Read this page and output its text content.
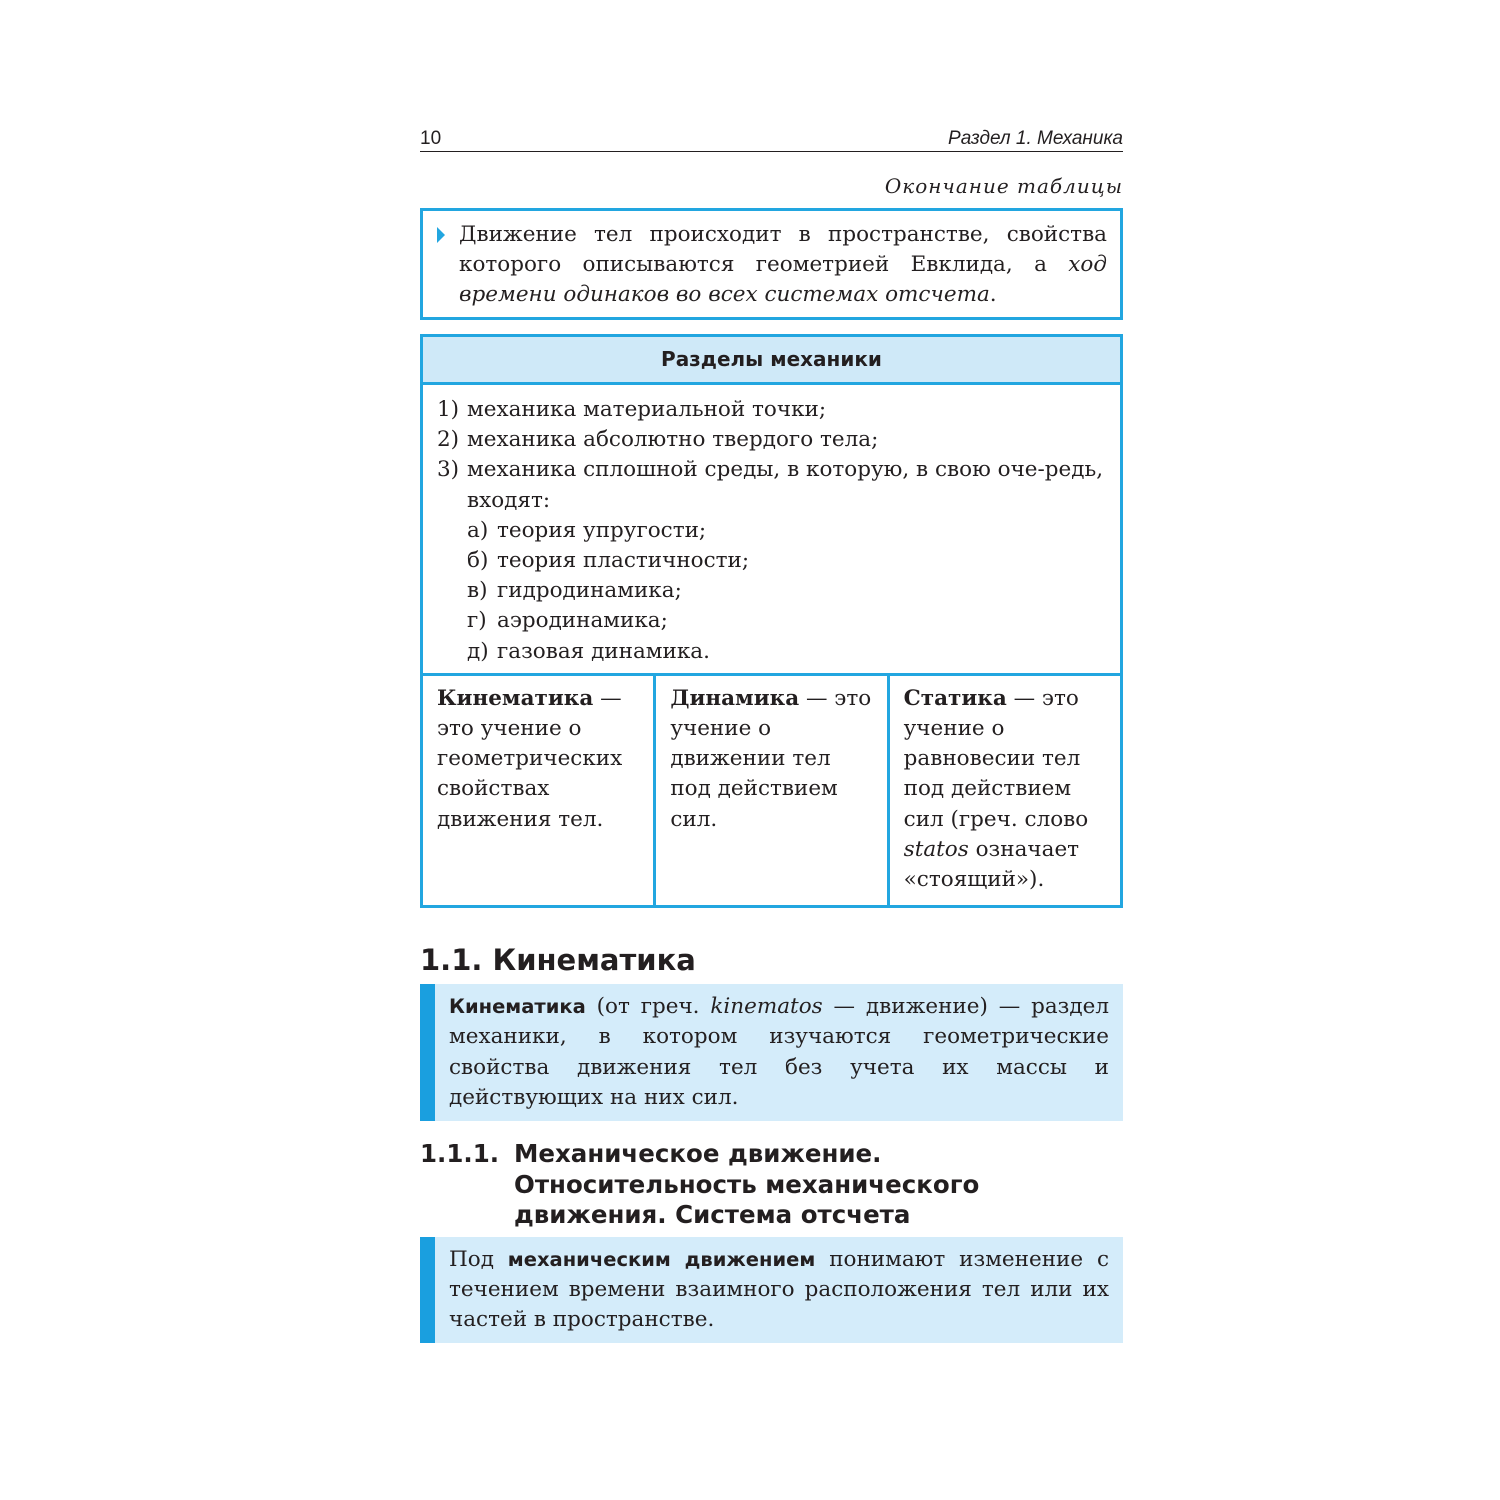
10	Раздел 1. Механика
Окончание таблицы
Движение тел происходит в пространстве, свойства которого описываются геометрией Евклида, а ход времени одинаков во всех системах отсчета.
Разделы механики
1) механика материальной точки;
2) механика абсолютно твердого тела;
3) механика сплошной среды, в которую, в свою оче-редь, входят:
а) теория упругости;
б) теория пластичности;
в) гидродинамика;
г) аэродинамика;
д) газовая динамика.
Кинематика — это учение о геометрических свойствах движения тел.
Динамика — это учение о движении тел под действием сил.
Статика — это учение о равновесии тел под действием сил (греч. слово statos означает «стоящий»).
1.1. Кинематика
Кинематика (от греч. kinematos — движение) — раздел механики, в котором изучаются геометрические свойства движения тел без учета их массы и действующих на них сил.
1.1.1. Механическое движение. Относительность механического движения. Система отсчета
Под механическим движением понимают изменение с течением времени взаимного расположения тел или их частей в пространстве.
